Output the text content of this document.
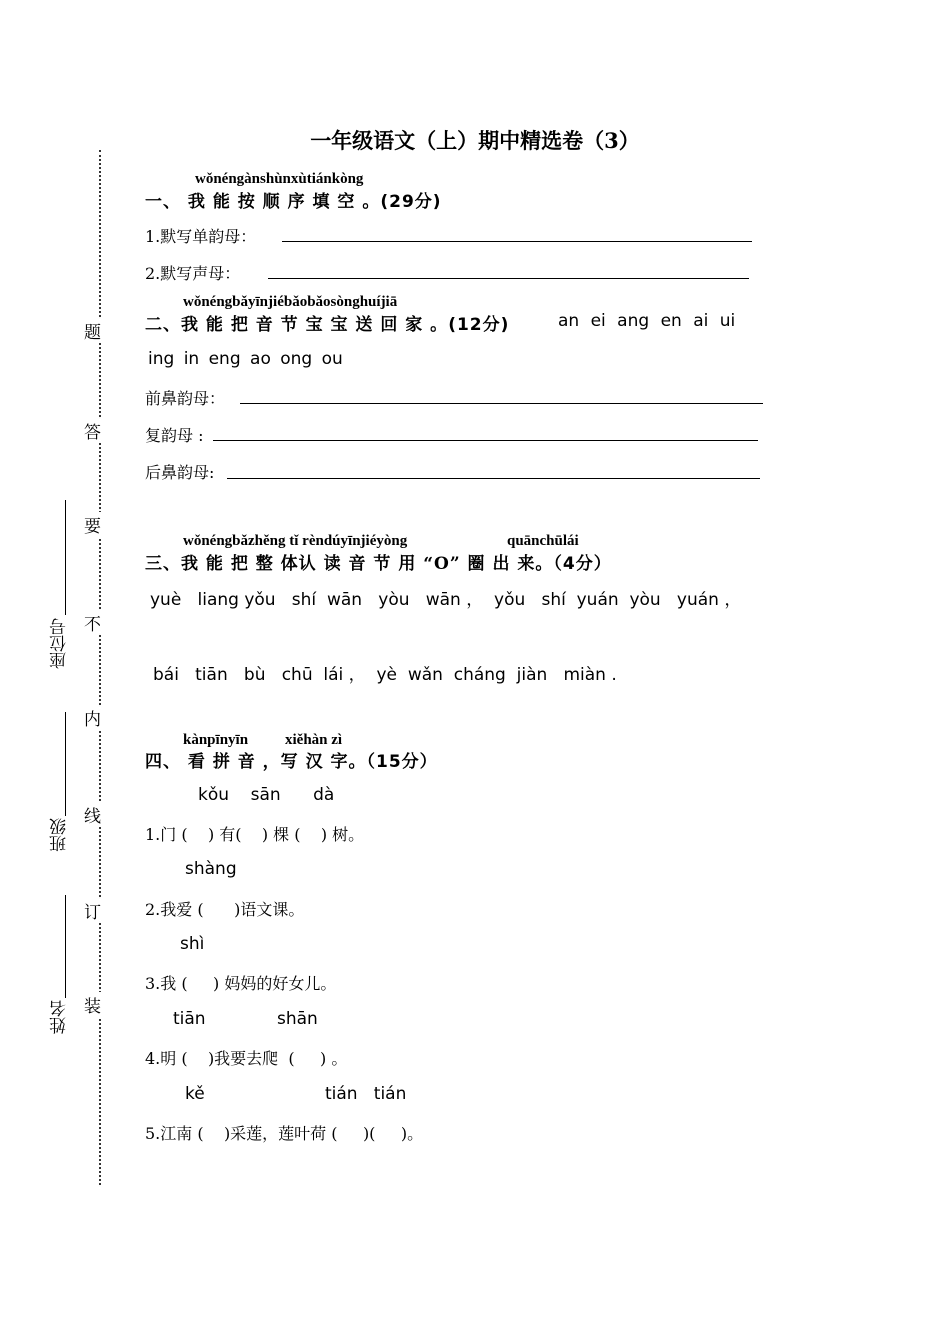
一年级语文（上）期中精选卷（3）
题
答
要
不
内
线
订
装
座位号
班级
姓名
wǒnéngànshùnxùtiánkòng
一、 我 能 按 顺 序 填 空 。(29分)
1.默写单韵母：
2.默写声母：
wǒnéngbǎyīnjiébǎobǎosònghuíjiā
二、我 能 把 音 节 宝 宝 送 回 家 。(12分)	an ei ang en ai ui
ing in eng ao ong ou
前鼻韵母：
复韵母 :
后鼻韵母:
wǒnéngbǎzhěng tǐ rèndúyīnjiéyòng	quānchūlái
三、我 能 把 整 体认 读 音 节 用 “O” 圈 出 来。（4分）
yuè   liang yǒu   shí  wān   yòu   wān ，  yǒu   shí  yuán  yòu   yuán ，
bái   tiān   bù   chū  lái ，  yè  wǎn  cháng  jiàn   miàn .
kànpīnyīn xiěhàn zì
四、 看 拼 音 ，写 汉 字。（15分）
kǒu    sān      dà
1.门 (    ) 有(    ) 棵 (    ) 树。
shàng
2.我爱 (      )语文课。
shì
3.我 (     ) 妈妈的好女儿。
tiān	shān
4.明 (    )我要去爬  (     ) 。
kě	tián   tián
5.江南 (    )采莲，莲叶荷 (     )(     )。
